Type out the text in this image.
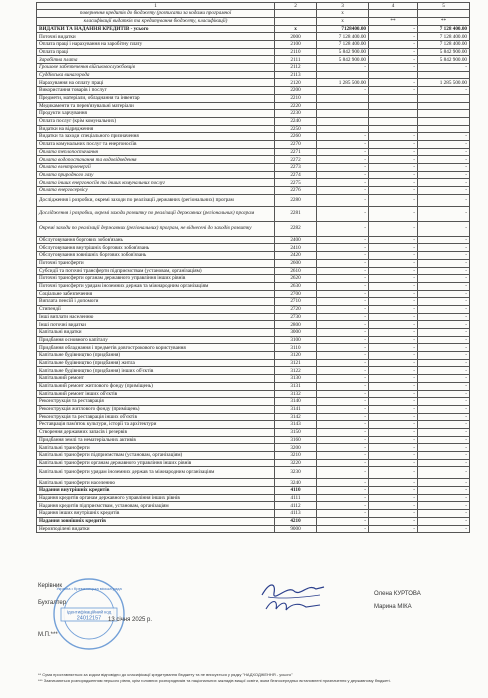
1	2	3	4	5
повернення кредитів до бюджету (розписати за кодами програмної		x		
класифікації видатків та кредитування бюджету, класифікації)		x	**	**
ВИДАТКИ ТА НАДАННЯ КРЕДИТІВ - усього	x	7128400.00	-	7 128 400.00
Поточні видатки	2000	7 128 400.00	-	7 128 400.00
Оплата праці і нарахування на заробітну плату	2100	7 128 400.00	-	7 128 400.00
Оплата праці	2110	5 842 900.00	-	5 842 900.00
Заробітна плата	2111	5 842 900.00	-	5 842 900.00
Грошове забезпечення військовослужбовців	2112	-	-	-
Суддівська винагорода	2113			
Нарахування на оплату праці	2120	1 285 500.00	-	1 285 500.00
Використання товарів і послуг	2200	-	-	-
Предмети, матеріали, обладнання та інвентар	2210			
Медикаменти та перев'язувальні матеріали	2220			
Продукти харчування	2230			
Оплата послуг (крім комунальних)	2240			
Видатки на відрядження	2250			
Видатки та заходи спеціального призначення	2260	-	-	-
Оплата комунальних послуг та енергоносіїв	2270	-	-	-
Оплата теплопостачання	2271	-	-	-
Оплата водопостачання та водовідведення	2272	-	-	-
Оплата електроенергії	2273	-	-	-
Оплата природного газу	2274	-	-	-
Оплата інших енергоносіїв та інших комунальних послуг	2275	-	-	-
Оплата енергосервісу	2276	-	-	-
Дослідження і розробки, окремі заходи по реалізації державних (регіональних) програм	2280	-	-	-
Дослідження і розробки, окремі заходи розвитку по реалізації державних (регіональних) програм	2281	-	-	-
Окремі заходи по реалізації державних (регіональних) програм, не віднесені до заходів розвитку	2282	-	-	-
Обслуговування боргових зобов'язань	2400	-	-	-
Обслуговування внутрішніх боргових зобов'язань	2410	-	-	-
Обслуговування зовнішніх боргових зобов'язань	2420	-	-	-
Поточні трансферти	2600	-	-	-
Субсидії та поточні трансферти підприємствам (установам, організаціям)	2610	-	-	-
Поточні трансферти органам державного управління інших рівнів	2620	-	-	-
Поточні трансферти урядам іноземних держав та міжнародним організаціям	2630	-	-	-
Соціальне забезпечення	2700	-	-	-
Виплата пенсій і допомоги	2710	-	-	-
Стипендії	2720	-	-	-
Інші виплати населенню	2730	-	-	-
Інші поточні видатки	2800	-	-	-
Капітальні видатки	3000	-	-	-
Придбання основного капіталу	3100	-	-	-
Придбання обладнання і предметів довгострокового користування	3110	-	-	-
Капітальне будівництво (придбання)	3120	-	-	-
Капітальне будівництво (придбання) житла	3121	-	-	-
Капітальне будівництво (придбання) інших об'єктів	3122	-	-	-
Капітальний ремонт	3130	-	-	-
Капітальний ремонт житлового фонду (приміщень)	3131	-	-	-
Капітальний ремонт інших об'єктів	3132	-	-	-
Реконструкція та реставрація	3140	-	-	-
Реконструкція житлового фонду (приміщень)	3141	-	-	-
Реконструкція та реставрація інших об'єктів	3142	-	-	-
Реставрація пам'яток культури, історії та архітектури	3143	-	-	-
Створення державних запасів і резервів	3150	-	-	-
Придбання землі та нематеріальних активів	3160	-	-	-
Капітальні трансферти	3200	-	-	-
Капітальні трансферти підприємствам (установам, організаціям)	3210	-	-	-
Капітальні трансферти органам державного управління інших рівнів	3220	-	-	-
Капітальні трансферти урядам іноземних держав та міжнародним організаціям	3230	-	-	-
Капітальні трансферти населенню	3240	-	-	-
Надання внутрішніх кредитів	4110	-	-	-
Надання кредитів органам державного управління інших рівнів	4111	-	-	-
Надання кредитів підприємствам, установам, організаціям	4112	-	-	-
Надання інших внутрішніх кредитів	4113	-	-	-
Надання зовнішніх кредитів	4210	-	-	-
Нерозподілені видатки	9000	-	-	-
Ідентифікаційний код
24012157
Україна • Кременецька міська рада
Керівник
Олена КУРТОВА
Бухгалтер
Марина МІКА
13 січня 2025 р.
М.П.***
** Сума проставляється за кодом відповідно до класифікації кредитування бюджету та не вписується у рядку "НАДХОДЖЕННЯ - усього"
*** Зазначаються розпорядженням першого рівня, крім головних розпорядників та національних закладів вищої освіти, яким безпосередньо встановлені призначення у державному бюджеті.
